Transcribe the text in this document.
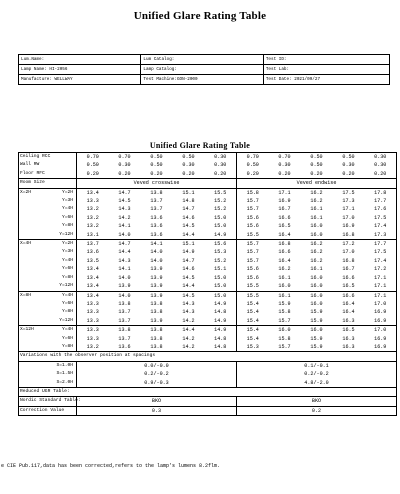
Unified Glare Rating Table
Lum.Name:	Lum Catalog:	Test ID:
Lamp Name: HI-2056	Lamp Catalog:	Test Lab:
Manufacture: WELLWAY	Test Machine:GON-2000	Test Date: 2021/09/27
Unified Glare Rating Table
Ceiling RCC		0.70	0.70	0.50	0.50	0.30	0.70	0.70	0.50	0.50	0.30
Wall RW		0.50	0.30	0.50	0.30	0.30	0.50	0.30	0.50	0.30	0.30
Floor RFC		0.20	0.20	0.20	0.20	0.20	0.20	0.20	0.20	0.20	0.20
Room Size		Veved crosswise					Veved endwise				
X=2H	Y=2H	13.4	14.7	13.8	15.1	15.5	15.8	17.1	16.2	17.5	17.8
	Y=3H	13.3	14.5	13.7	14.8	15.2	15.7	16.9	16.2	17.3	17.7
	Y=4H	13.2	14.3	13.7	14.7	15.2	15.7	16.7	16.1	17.1	17.6
	Y=6H	13.2	14.2	13.6	14.6	15.0	15.6	16.6	16.1	17.0	17.5
	Y=8H	13.2	14.1	13.6	14.5	15.0	15.6	16.5	16.0	16.9	17.4
	Y=12H	13.1	14.0	13.6	14.4	14.9	15.5	16.4	16.0	16.8	17.3
X=4H	Y=2H	13.7	14.7	14.1	15.1	15.6	15.7	16.8	16.2	17.2	17.7
	Y=3H	13.6	14.4	14.0	14.9	15.3	15.7	16.6	16.2	17.0	17.5
	Y=4H	13.5	14.3	14.0	14.7	15.2	15.7	16.4	16.2	16.8	17.4
	Y=6H	13.4	14.1	13.9	14.6	15.1	15.6	16.2	16.1	16.7	17.2
	Y=8H	13.4	14.0	13.9	14.5	15.0	15.6	16.1	16.0	16.6	17.1
	Y=12H	13.4	13.9	13.9	14.4	15.0	15.5	16.0	16.0	16.5	17.1
X=8H	Y=4H	13.4	14.0	13.9	14.5	15.0	15.5	16.1	16.0	16.6	17.1
	Y=6H	13.3	13.8	13.8	14.3	14.9	15.4	15.9	16.0	16.4	17.0
	Y=8H	13.3	13.7	13.8	14.3	14.8	15.4	15.8	15.9	16.4	16.9
	Y=12H	13.3	13.7	13.9	14.2	14.9	15.4	15.7	15.9	16.3	16.9
X=12H	Y=4H	13.3	13.8	13.8	14.4	14.9	15.4	16.0	16.0	16.5	17.0
	Y=6H	13.3	13.7	13.8	14.2	14.8	15.4	15.8	15.9	16.3	16.9
	Y=8H	13.2	13.6	13.8	14.2	14.8	15.3	15.7	15.9	16.3	16.9
Variations with the observer position at spacings											
S=1.0H		0.0/-0.0					0.1/-0.1				
S=1.5H		0.2/-0.2					0.2/-0.2				
S=2.0H		0.9/-0.3					4.8/-2.0				
Reduced UGR Table:											
Nordic Standard Table:		BKO					BKO				
Correction Value		0.3					0.2				
e CIE Pub.117,data has been corrected,refers to the lamp's lumens 8.2flm.
